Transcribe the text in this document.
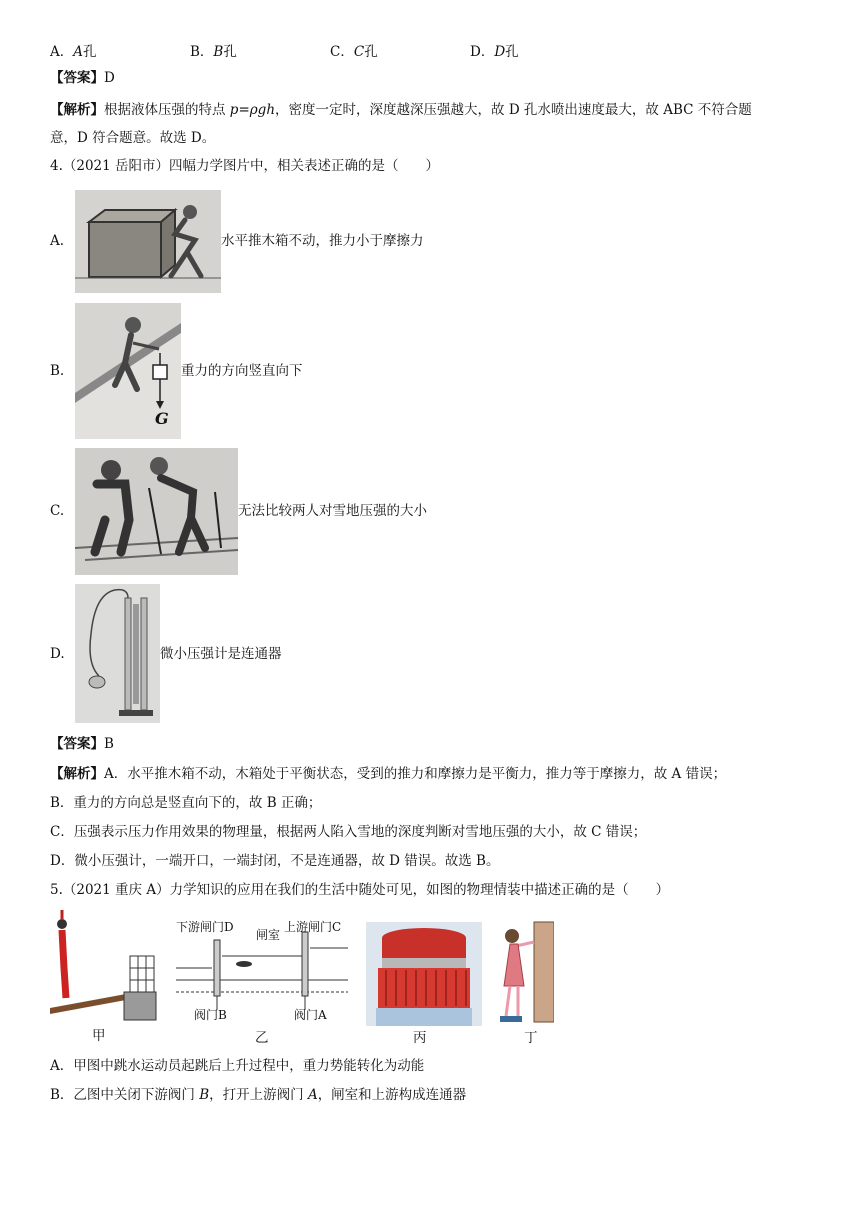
A．A孔	B．B孔	C．C孔	D．D孔
【答案】D
【解析】根据液体压强的特点 p=ρgh，密度一定时，深度越深压强越大，故 D 孔水喷出速度最大，故 ABC 不符合题
意，D 符合题意。故选 D。
4.（2021 岳阳市）四幅力学图片中，相关表述正确的是（　　）
A.	水平推木箱不动，推力小于摩擦力
B.
G
重力的方向竖直向下
C.	无法比较两人对雪地压强的大小
D.	微小压强计是连通器
【答案】B
【解析】A．水平推木箱不动，木箱处于平衡状态，受到的推力和摩擦力是平衡力，推力等于摩擦力，故 A 错误；
B．重力的方向总是竖直向下的，故 B 正确；
C．压强表示压力作用效果的物理量，根据两人陷入雪地的深度判断对雪地压强的大小，故 C 错误；
D．微小压强计，一端开口，一端封闭，不是连通器，故 D 错误。故选 B。
5.（2021 重庆 A）力学知识的应用在我们的生活中随处可见，如图的物理情装中描述正确的是（　　）
甲
下游闸门D
闸室
上游闸门C
阀门B	阀门A
乙	丙	丁
A．甲图中跳水运动员起跳后上升过程中，重力势能转化为动能
B．乙图中关闭下游阀门 B，打开上游阀门 A，闸室和上游构成连通器
